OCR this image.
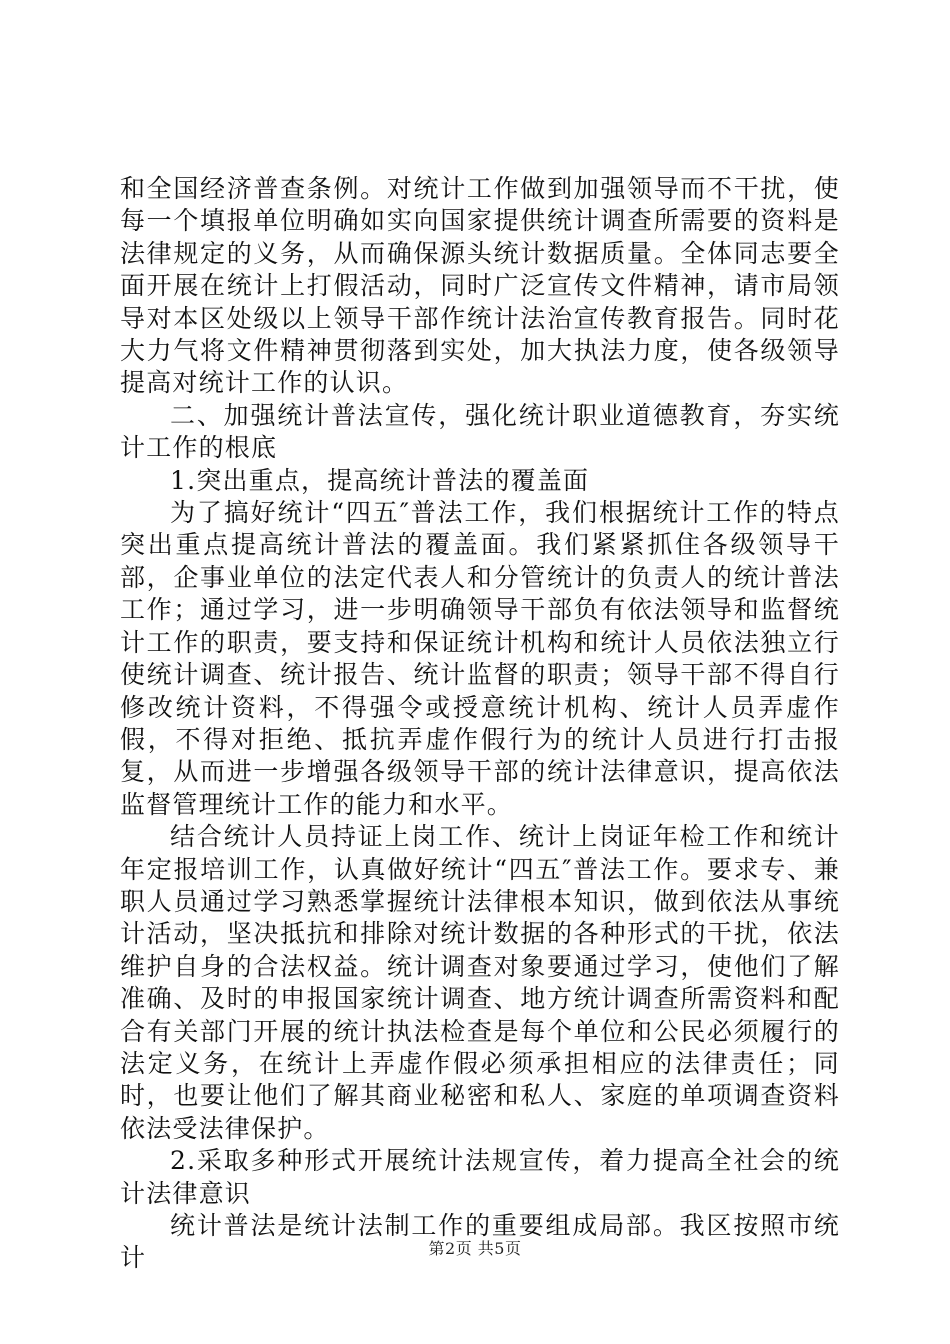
和全国经济普查条例。对统计工作做到加强领导而不干扰，使每一个填报单位明确如实向国家提供统计调查所需要的资料是法律规定的义务，从而确保源头统计数据质量。全体同志要全面开展在统计上打假活动，同时广泛宣传文件精神，请市局领导对本区处级以上领导干部作统计法治宣传教育报告。同时花大力气将文件精神贯彻落到实处，加大执法力度，使各级领导提高对统计工作的认识。

二、加强统计普法宣传，强化统计职业道德教育，夯实统计工作的根底

1.突出重点，提高统计普法的覆盖面

为了搞好统计“四五″普法工作，我们根据统计工作的特点突出重点提高统计普法的覆盖面。我们紧紧抓住各级领导干部，企事业单位的法定代表人和分管统计的负责人的统计普法工作；通过学习，进一步明确领导干部负有依法领导和监督统计工作的职责，要支持和保证统计机构和统计人员依法独立行使统计调查、统计报告、统计监督的职责；领导干部不得自行修改统计资料，不得强令或授意统计机构、统计人员弄虚作假，不得对拒绝、抵抗弄虚作假行为的统计人员进行打击报复，从而进一步增强各级领导干部的统计法律意识，提高依法监督管理统计工作的能力和水平。

结合统计人员持证上岗工作、统计上岗证年检工作和统计年定报培训工作，认真做好统计“四五″普法工作。要求专、兼职人员通过学习熟悉掌握统计法律根本知识，做到依法从事统计活动，坚决抵抗和排除对统计数据的各种形式的干扰，依法维护自身的合法权益。统计调查对象要通过学习，使他们了解准确、及时的申报国家统计调查、地方统计调查所需资料和配合有关部门开展的统计执法检查是每个单位和公民必须履行的法定义务，在统计上弄虚作假必须承担相应的法律责任；同时，也要让他们了解其商业秘密和私人、家庭的单项调查资料依法受法律保护。

2.采取多种形式开展统计法规宣传，着力提高全社会的统计法律意识

统计普法是统计法制工作的重要组成局部。我区按照市统计	第2页 共5页
